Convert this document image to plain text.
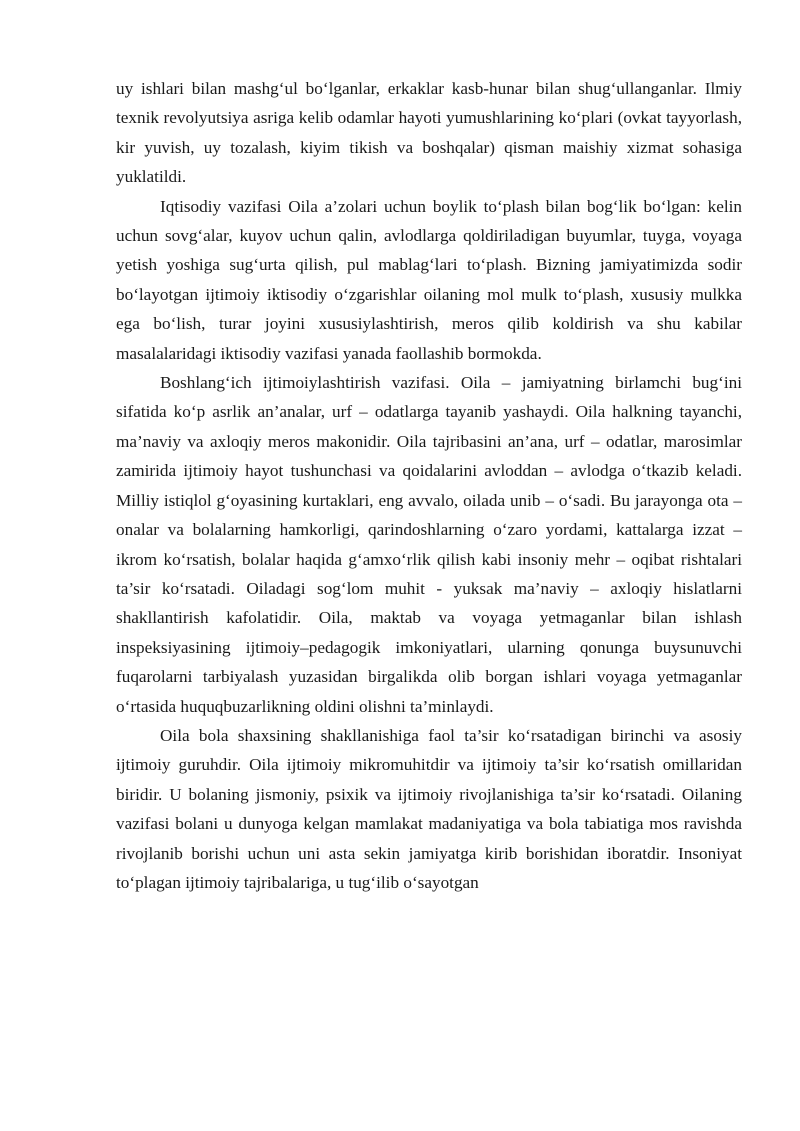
uy ishlari bilan mashg‘ul bo‘lganlar, erkaklar kasb-hunar bilan shug‘ullanganlar. Ilmiy texnik revolyutsiya asriga kelib odamlar hayoti yumushlarining ko‘plari (ovkat tayyorlash, kir yuvish, uy tozalash, kiyim tikish va boshqalar) qisman maishiy xizmat sohasiga yuklatildi.

Iqtisodiy vazifasi Oila a’zolari uchun boylik to‘plash bilan bog‘lik bo‘lgan: kelin uchun sovg‘alar, kuyov uchun qalin, avlodlarga qoldiriladigan buyumlar, tuyga, voyaga yetish yoshiga sug‘urta qilish, pul mablag‘lari to‘plash. Bizning jamiyatimizda sodir bo‘layotgan ijtimoiy iktisodiy o‘zgarishlar oilaning mol mulk to‘plash, xususiy mulkka ega bo‘lish, turar joyini xususiylashtirish, meros qilib koldirish va shu kabilar masalalaridagi iktisodiy vazifasi yanada faollashib bormokda.

Boshlang‘ich ijtimoiylashtirish vazifasi. Oila – jamiyatning birlamchi bug‘ini sifatida ko‘p asrlik an’analar, urf – odatlarga tayanib yashaydi. Oila halkning tayanchi, ma’naviy va axloqiy meros makonidir. Oila tajribasini an’ana, urf – odatlar, marosimlar zamirida ijtimoiy hayot tushunchasi va qoidalarini avloddan – avlodga o‘tkazib keladi. Milliy istiqlol g‘oyasining kurtaklari, eng avvalo, oilada unib – o‘sadi. Bu jarayonga ota – onalar va bolalarning hamkorligi, qarindoshlarning o‘zaro yordami, kattalarga izzat – ikrom ko‘rsatish, bolalar haqida g‘amxo‘rlik qilish kabi insoniy mehr – oqibat rishtalari ta’sir ko‘rsatadi. Oiladagi sog‘lom muhit - yuksak ma’naviy – axloqiy hislatlarni shakllantirish kafolatidir. Oila, maktab va voyaga yetmaganlar bilan ishlash inspeksiyasining ijtimoiy–pedagogik imkoniyatlari, ularning qonunga buysunuvchi fuqarolarni tarbiyalash yuzasidan birgalikda olib borgan ishlari voyaga yetmaganlar o‘rtasida huquqbuzarlikning oldini olishni ta’minlaydi.

Oila bola shaxsining shakllanishiga faol ta’sir ko‘rsatadigan birinchi va asosiy ijtimoiy guruhdir. Oila ijtimoiy mikromuhitdir va ijtimoiy ta’sir ko‘rsatish omillaridan biridir. U bolaning jismoniy, psixik va ijtimoiy rivojlanishiga ta’sir ko‘rsatadi. Oilaning vazifasi bolani u dunyoga kelgan mamlakat madaniyatiga va bola tabiatiga mos ravishda rivojlanib borishi uchun uni asta sekin jamiyatga kirib borishidan iboratdir. Insoniyat to‘plagan ijtimoiy tajribalariga, u tug‘ilib o‘sayotgan
